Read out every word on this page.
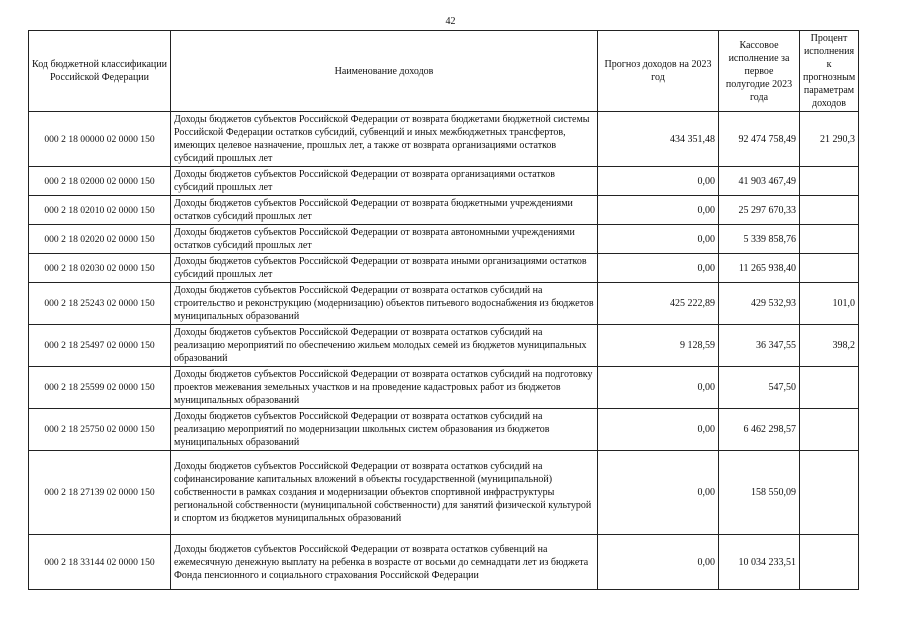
42
Код бюджетной классификации Российской Федерации	Наименование доходов	Прогноз доходов на 2023 год	Кассовое исполнение за первое полугодие 2023 года	Процент исполнения к прогнозным параметрам доходов
000 2 18 00000 02 0000 150	Доходы бюджетов субъектов Российской Федерации от возврата бюджетами бюджетной системы Российской Федерации остатков субсидий, субвенций и иных межбюджетных трансфертов, имеющих целевое назначение, прошлых лет, а также от возврата организациями остатков субсидий прошлых лет	434 351,48	92 474 758,49	21 290,3
000 2 18 02000 02 0000 150	Доходы бюджетов субъектов Российской Федерации от возврата организациями остатков субсидий прошлых лет	0,00	41 903 467,49	
000 2 18 02010 02 0000 150	Доходы бюджетов субъектов Российской Федерации от возврата бюджетными учреждениями остатков субсидий прошлых лет	0,00	25 297 670,33	
000 2 18 02020 02 0000 150	Доходы бюджетов субъектов Российской Федерации от возврата автономными учреждениями остатков субсидий прошлых лет	0,00	5 339 858,76	
000 2 18 02030 02 0000 150	Доходы бюджетов субъектов Российской Федерации от возврата иными организациями остатков субсидий прошлых лет	0,00	11 265 938,40	
000 2 18 25243 02 0000 150	Доходы бюджетов субъектов Российской Федерации от возврата остатков субсидий на строительство и реконструкцию (модернизацию) объектов питьевого водоснабжения из бюджетов муниципальных образований	425 222,89	429 532,93	101,0
000 2 18 25497 02 0000 150	Доходы бюджетов субъектов Российской Федерации от возврата остатков субсидий на реализацию мероприятий по обеспечению жильем молодых семей из бюджетов муниципальных образований	9 128,59	36 347,55	398,2
000 2 18 25599 02 0000 150	Доходы бюджетов субъектов Российской Федерации от возврата остатков субсидий на подготовку проектов межевания земельных участков и на проведение кадастровых работ из бюджетов муниципальных образований	0,00	547,50	
000 2 18 25750 02 0000 150	Доходы бюджетов субъектов Российской Федерации от возврата остатков субсидий на реализацию мероприятий по модернизации школьных систем образования из бюджетов муниципальных образований	0,00	6 462 298,57	
000 2 18 27139 02 0000 150	Доходы бюджетов субъектов Российской Федерации от возврата остатков субсидий на софинансирование капитальных вложений в объекты государственной (муниципальной) собственности в рамках создания и модернизации объектов спортивной инфраструктуры региональной собственности (муниципальной собственности) для занятий физической культурой и спортом из бюджетов муниципальных образований	0,00	158 550,09	
000 2 18 33144 02 0000 150	Доходы бюджетов субъектов Российской Федерации от возврата остатков субвенций на ежемесячную денежную выплату на ребенка в возрасте от восьми до семнадцати лет из бюджета Фонда пенсионного и социального страхования Российской Федерации	0,00	10 034 233,51	
